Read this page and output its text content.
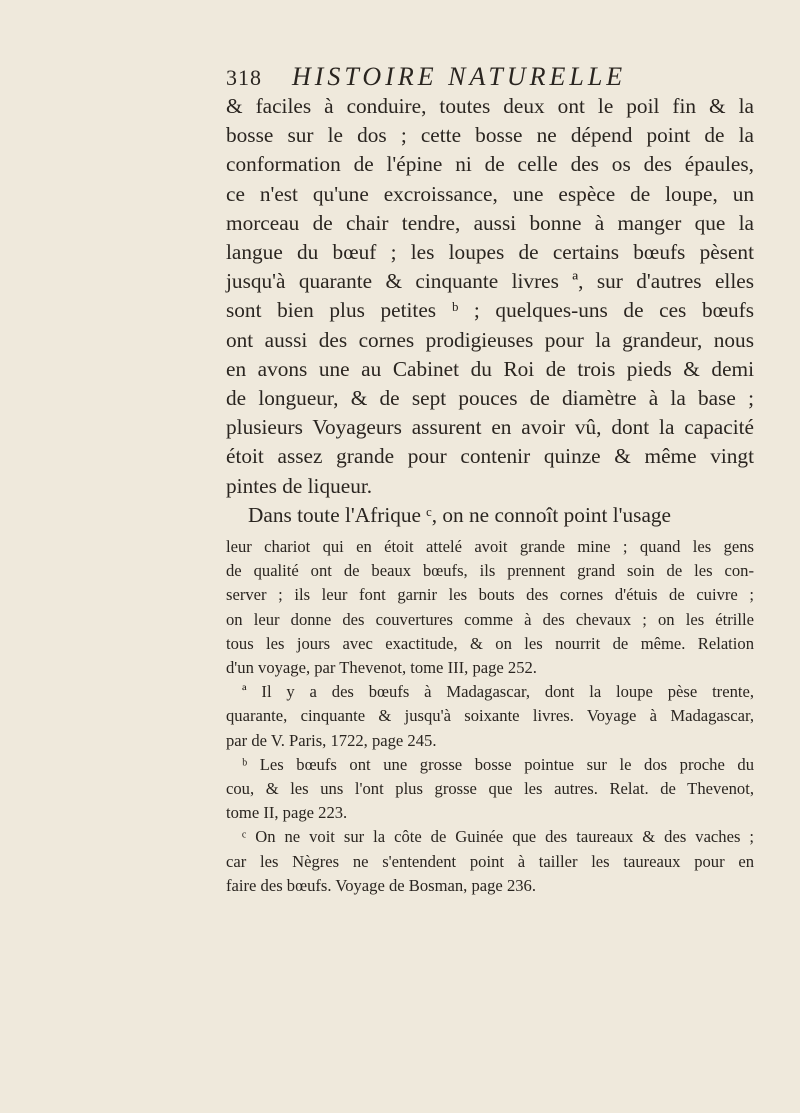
318 HISTOIRE NATURELLE
& faciles à conduire, toutes deux ont le poil fin & la
bosse sur le dos ; cette bosse ne dépend point de la
conformation de l'épine ni de celle des os des épaules,
ce n'est qu'une excroissance, une espèce de loupe, un
morceau de chair tendre, aussi bonne à manger que la
langue du bœuf ; les loupes de certains bœufs pèsent
jusqu'à quarante & cinquante livres ª, sur d'autres elles
sont bien plus petites ᵇ ; quelques-uns de ces bœufs
ont aussi des cornes prodigieuses pour la grandeur, nous
en avons une au Cabinet du Roi de trois pieds & demi
de longueur, & de sept pouces de diamètre à la base ;
plusieurs Voyageurs assurent en avoir vû, dont la capacité
étoit assez grande pour contenir quinze & même vingt
pintes de liqueur.
Dans toute l'Afrique ᶜ, on ne connoît point l'usage
leur chariot qui en étoit attelé avoit grande mine ; quand les gens
de qualité ont de beaux bœufs, ils prennent grand soin de les con-
server ; ils leur font garnir les bouts des cornes d'étuis de cuivre ;
on leur donne des couvertures comme à des chevaux ; on les étrille
tous les jours avec exactitude, & on les nourrit de même. Relation
d'un voyage, par Thevenot, tome III, page 252.
ª Il y a des bœufs à Madagascar, dont la loupe pèse trente,
quarante, cinquante & jusqu'à soixante livres. Voyage à Madagascar,
par de V. Paris, 1722, page 245.
ᵇ Les bœufs ont une grosse bosse pointue sur le dos proche du
cou, & les uns l'ont plus grosse que les autres. Relat. de Thevenot,
tome II, page 223.
ᶜ On ne voit sur la côte de Guinée que des taureaux & des vaches ;
car les Nègres ne s'entendent point à tailler les taureaux pour en
faire des bœufs. Voyage de Bosman, page 236.
